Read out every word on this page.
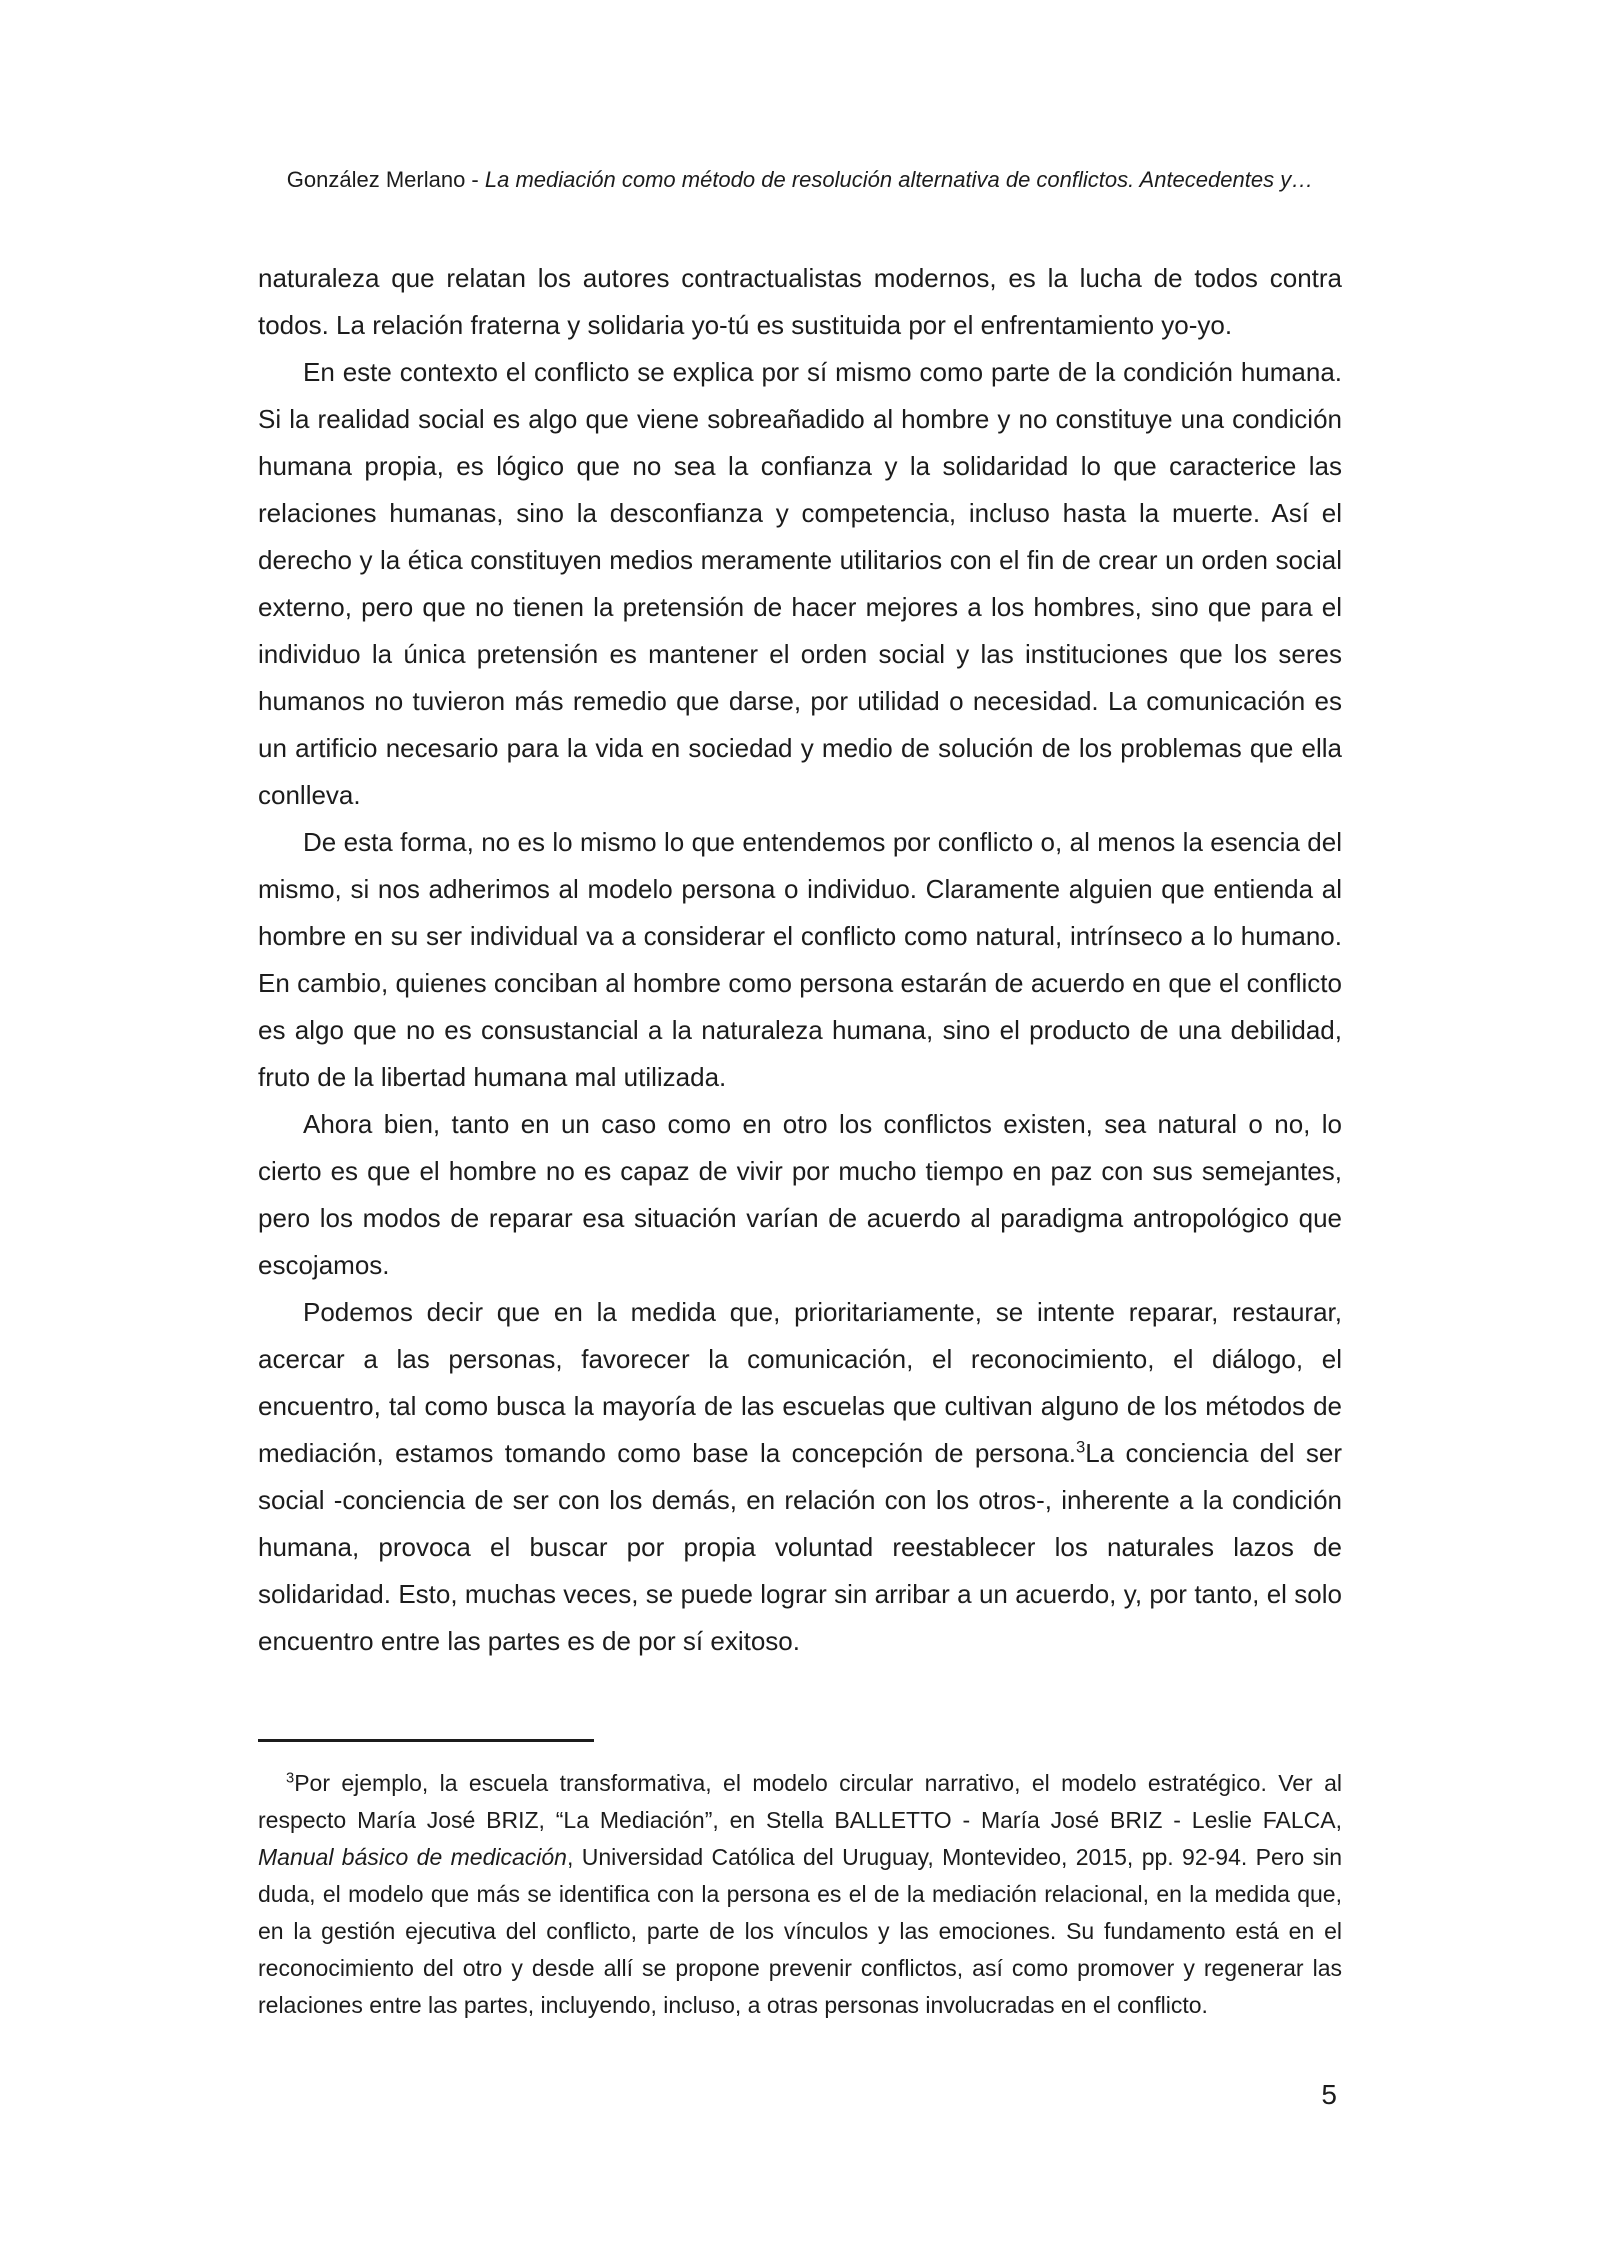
González Merlano - La mediación como método de resolución alternativa de conflictos. Antecedentes y…

naturaleza que relatan los autores contractualistas modernos, es la lucha de todos contra todos. La relación fraterna y solidaria yo-tú es sustituida por el enfrentamiento yo-yo.

En este contexto el conflicto se explica por sí mismo como parte de la condición humana. Si la realidad social es algo que viene sobreañadido al hombre y no constituye una condición humana propia, es lógico que no sea la confianza y la solidaridad lo que caracterice las relaciones humanas, sino la desconfianza y competencia, incluso hasta la muerte. Así el derecho y la ética constituyen medios meramente utilitarios con el fin de crear un orden social externo, pero que no tienen la pretensión de hacer mejores a los hombres, sino que para el individuo la única pretensión es mantener el orden social y las instituciones que los seres humanos no tuvieron más remedio que darse, por utilidad o necesidad. La comunicación es un artificio necesario para la vida en sociedad y medio de solución de los problemas que ella conlleva.

De esta forma, no es lo mismo lo que entendemos por conflicto o, al menos la esencia del mismo, si nos adherimos al modelo persona o individuo. Claramente alguien que entienda al hombre en su ser individual va a considerar el conflicto como natural, intrínseco a lo humano. En cambio, quienes conciban al hombre como persona estarán de acuerdo en que el conflicto es algo que no es consustancial a la naturaleza humana, sino el producto de una debilidad, fruto de la libertad humana mal utilizada.

Ahora bien, tanto en un caso como en otro los conflictos existen, sea natural o no, lo cierto es que el hombre no es capaz de vivir por mucho tiempo en paz con sus semejantes, pero los modos de reparar esa situación varían de acuerdo al paradigma antropológico que escojamos.

Podemos decir que en la medida que, prioritariamente, se intente reparar, restaurar, acercar a las personas, favorecer la comunicación, el reconocimiento, el diálogo, el encuentro, tal como busca la mayoría de las escuelas que cultivan alguno de los métodos de mediación, estamos tomando como base la concepción de persona.$^3$La conciencia del ser social -conciencia de ser con los demás, en relación con los otros-, inherente a la condición humana, provoca el buscar por propia voluntad reestablecer los naturales lazos de solidaridad. Esto, muchas veces, se puede lograr sin arribar a un acuerdo, y, por tanto, el solo encuentro entre las partes es de por sí exitoso.

$^3$Por ejemplo, la escuela transformativa, el modelo circular narrativo, el modelo estratégico. Ver al respecto María José BRIZ, “La Mediación”, en Stella BALLETTO - María José BRIZ - Leslie FALCA, Manual básico de medicación, Universidad Católica del Uruguay, Montevideo, 2015, pp. 92-94. Pero sin duda, el modelo que más se identifica con la persona es el de la mediación relacional, en la medida que, en la gestión ejecutiva del conflicto, parte de los vínculos y las emociones. Su fundamento está en el reconocimiento del otro y desde allí se propone prevenir conflictos, así como promover y regenerar las relaciones entre las partes, incluyendo, incluso, a otras personas involucradas en el conflicto.

5
